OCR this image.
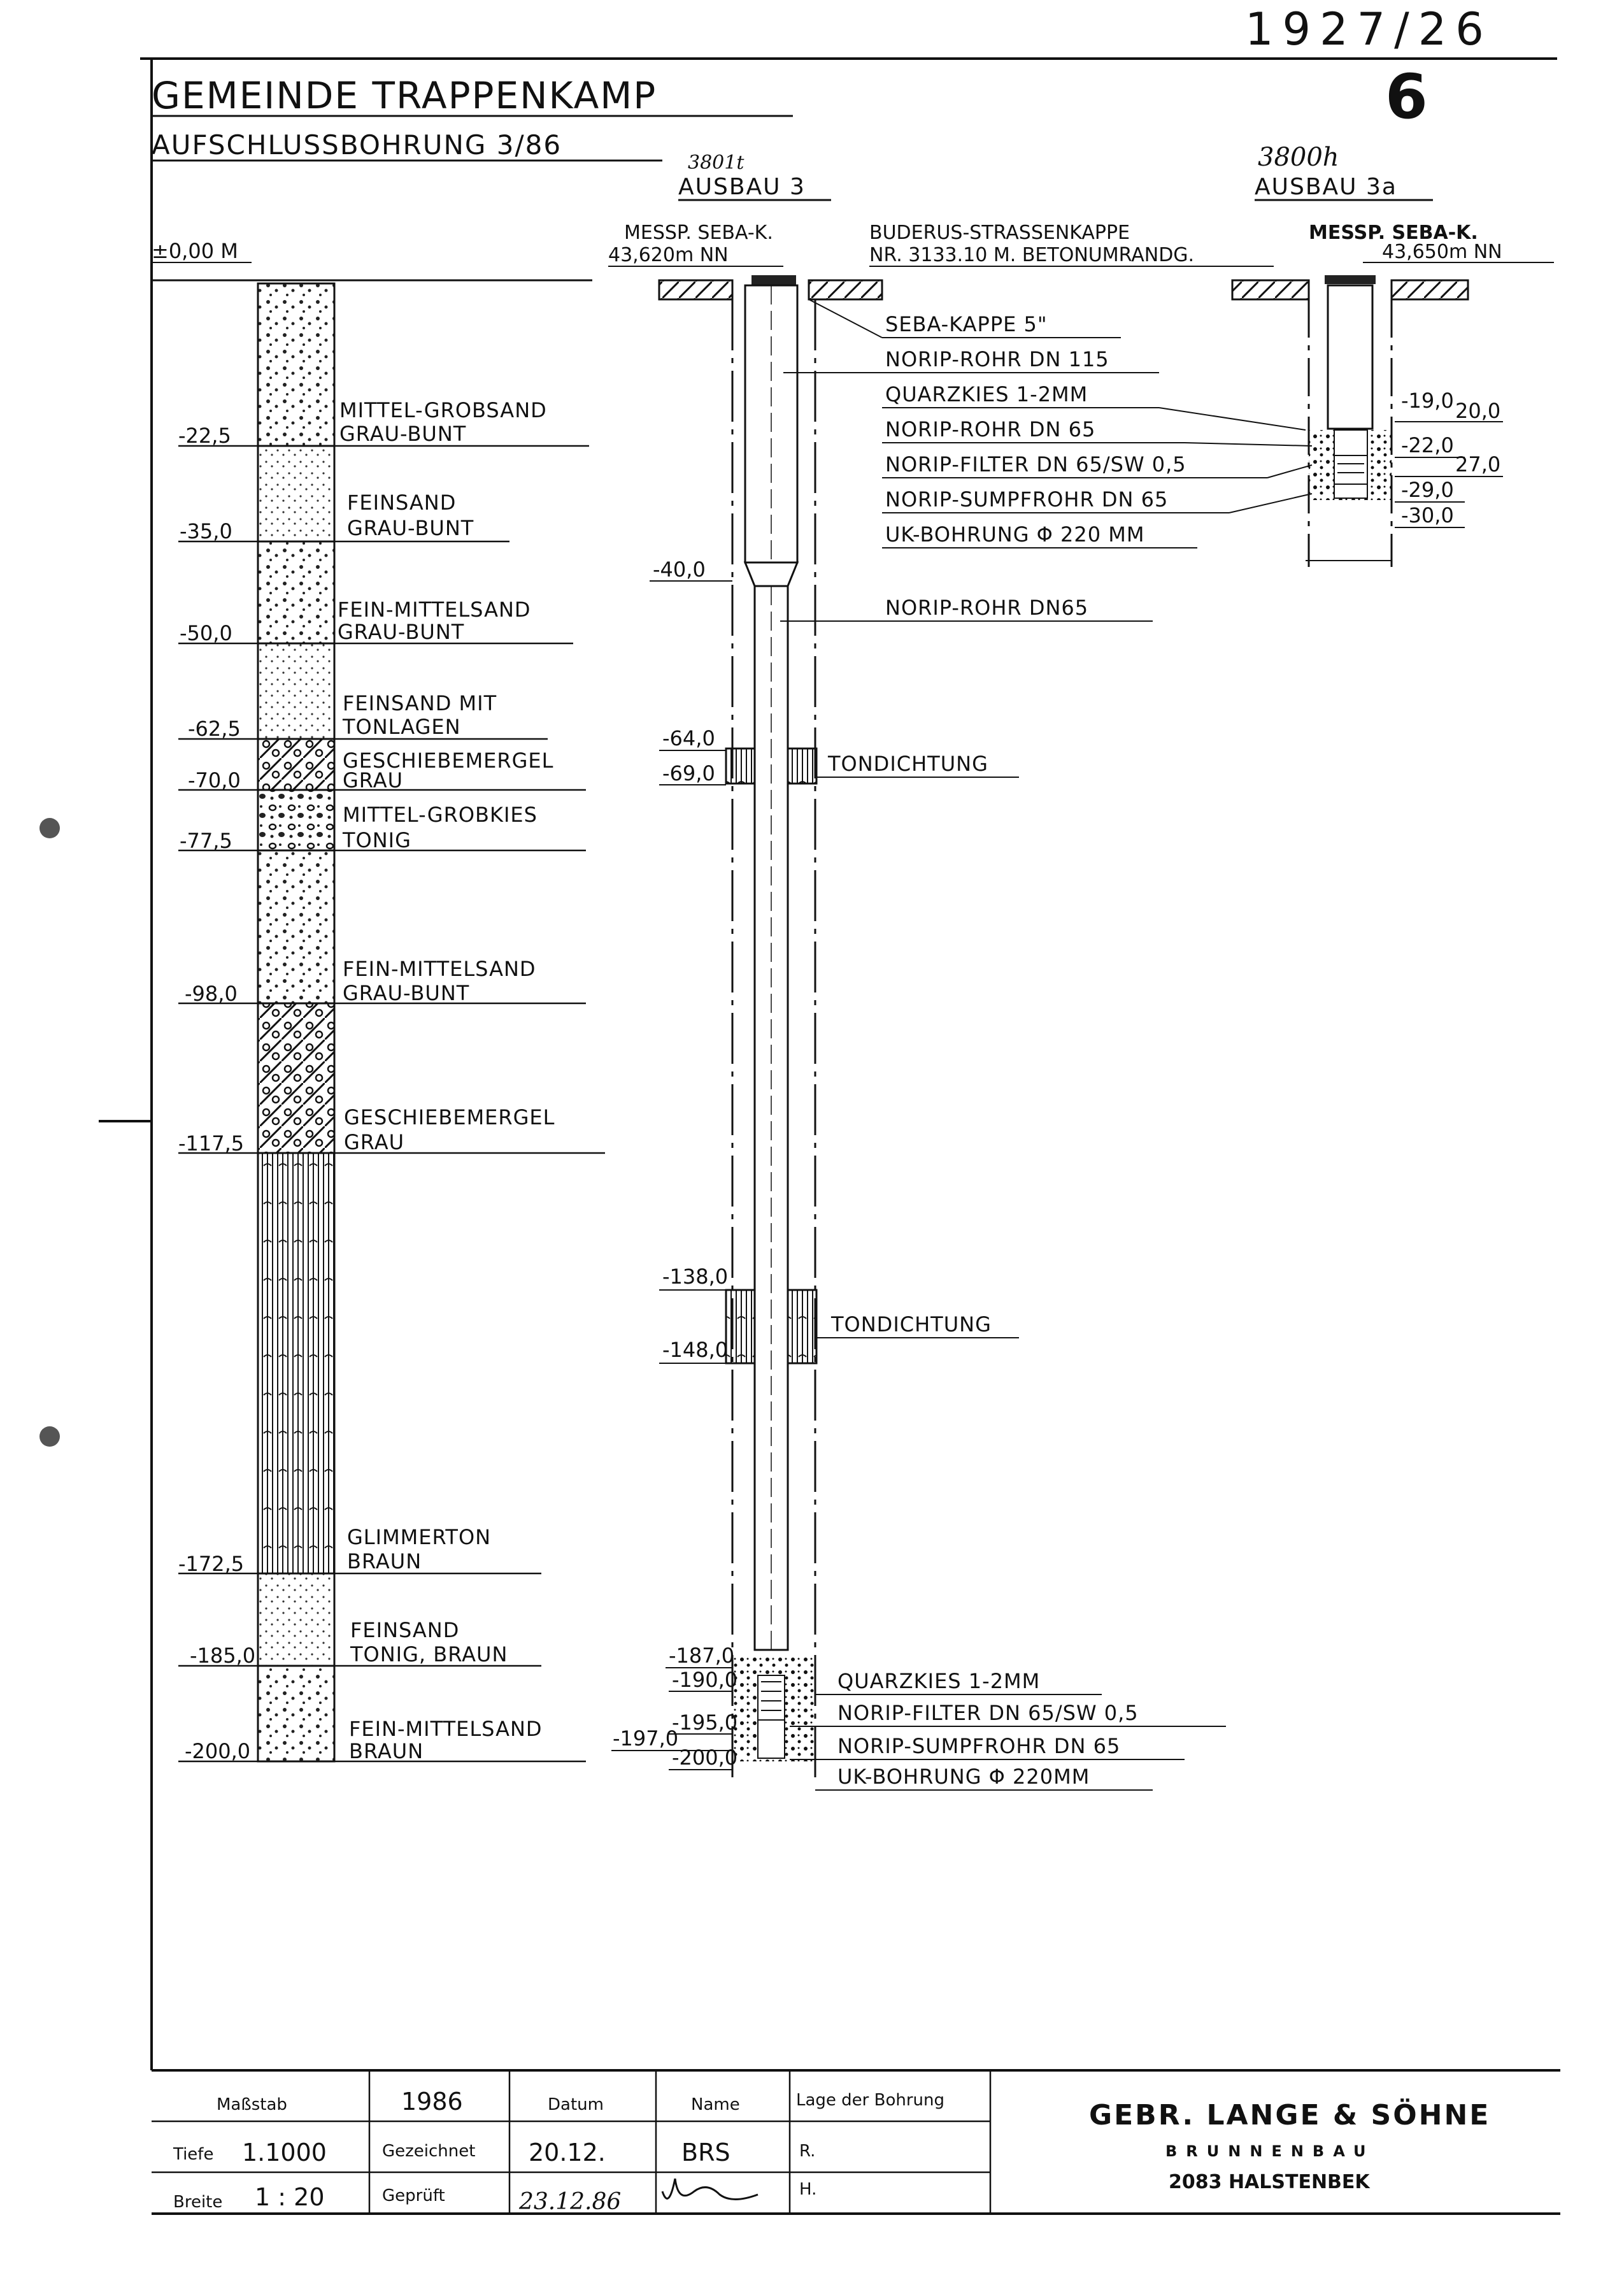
1927/26
6
GEMEINDE TRAPPENKAMP
AUFSCHLUSSBOHRUNG 3/86
3801t
AUSBAU 3
3800h
AUSBAU 3a
MESSP. SEBA-K.
43,620m NN
BUDERUS-STRASSENKAPPE
NR. 3133.10 M. BETONUMRANDG.
MESSP. SEBA-K.
43,650m NN
±0,00 M
-22,5
MITTEL-GROBSAND
GRAU-BUNT
-35,0
FEINSAND
GRAU-BUNT
-50,0
FEIN-MITTELSAND
GRAU-BUNT
-62,5
FEINSAND MIT
TONLAGEN
-70,0
GESCHIEBEMERGEL
GRAU
-77,5
MITTEL-GROBKIES
TONIG
-98,0
FEIN-MITTELSAND
GRAU-BUNT
-117,5
GESCHIEBEMERGEL
GRAU
-172,5
GLIMMERTON
BRAUN
-185,0
FEINSAND
TONIG, BRAUN
-200,0
FEIN-MITTELSAND
BRAUN
-40,0
-64,0
-69,0
-138,0
-148,0
-187,0
-190,0
-195,0
-197,0
-200,0
SEBA-KAPPE 5"
NORIP-ROHR DN 115
QUARZKIES 1-2MM
NORIP-ROHR DN 65
NORIP-FILTER DN 65/SW 0,5
NORIP-SUMPFROHR DN 65
UK-BOHRUNG Φ 220 MM
NORIP-ROHR DN65
TONDICHTUNG
TONDICHTUNG
QUARZKIES 1-2MM
NORIP-FILTER DN 65/SW 0,5
NORIP-SUMPFROHR DN 65
UK-BOHRUNG Φ 220MM
-19,0 20,0
-22,0
27,0
-29,0
-30,0
Maßstab	1986	Datum	Name	Lage der Bohrung
Tiefe 1.1000	Gezeichnet 20.12.	BRS	R.
Breite 1 : 20	Geprüft	23.12.86	H.
GEBR. LANGE & SÖHNE
BRUNNENBAU
2083 HALSTENBEK
